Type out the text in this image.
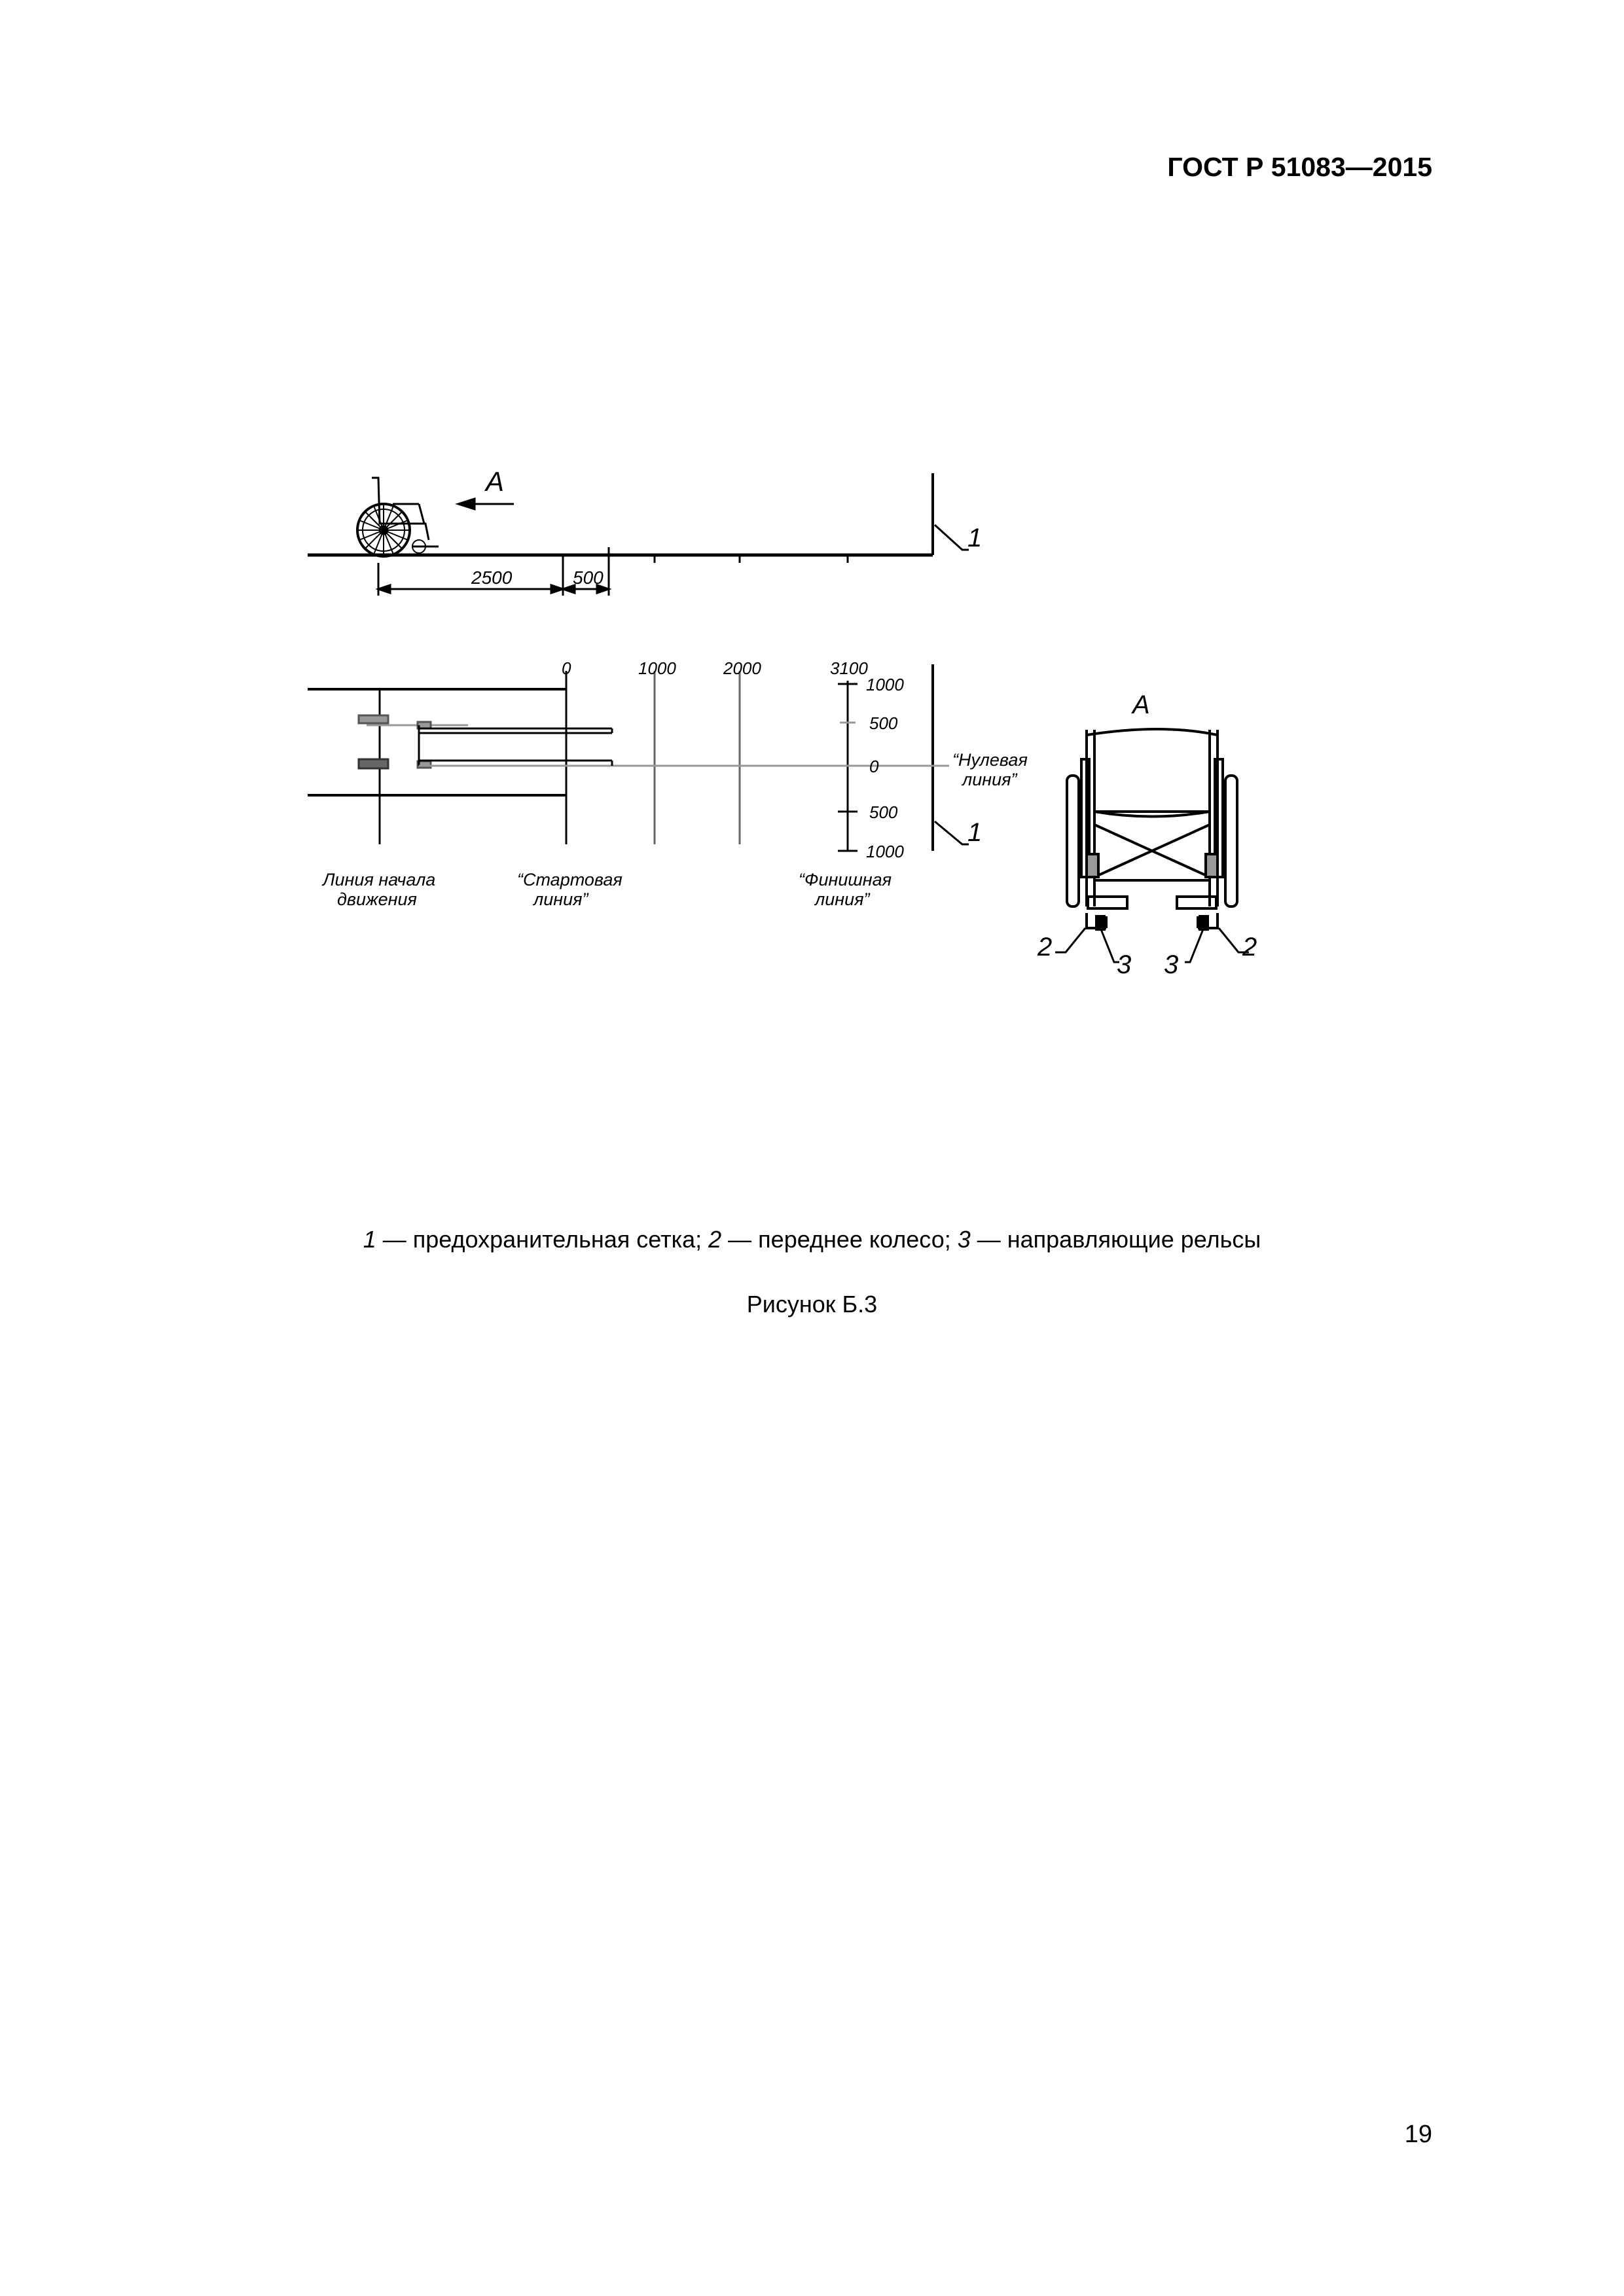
ГОСТ Р 51083—2015
А
1
2500	500
0	1000	2000	3100
1000
500
0
500
1000
“Нулевая
линия”
1
Линия начала
движения
“Стартовая
линия”
“Финишная
линия”
А
2
3 3
2
1 — предохранительная сетка; 2 — переднее колесо; 3 — направляющие рельсы
Рисунок Б.3
19
